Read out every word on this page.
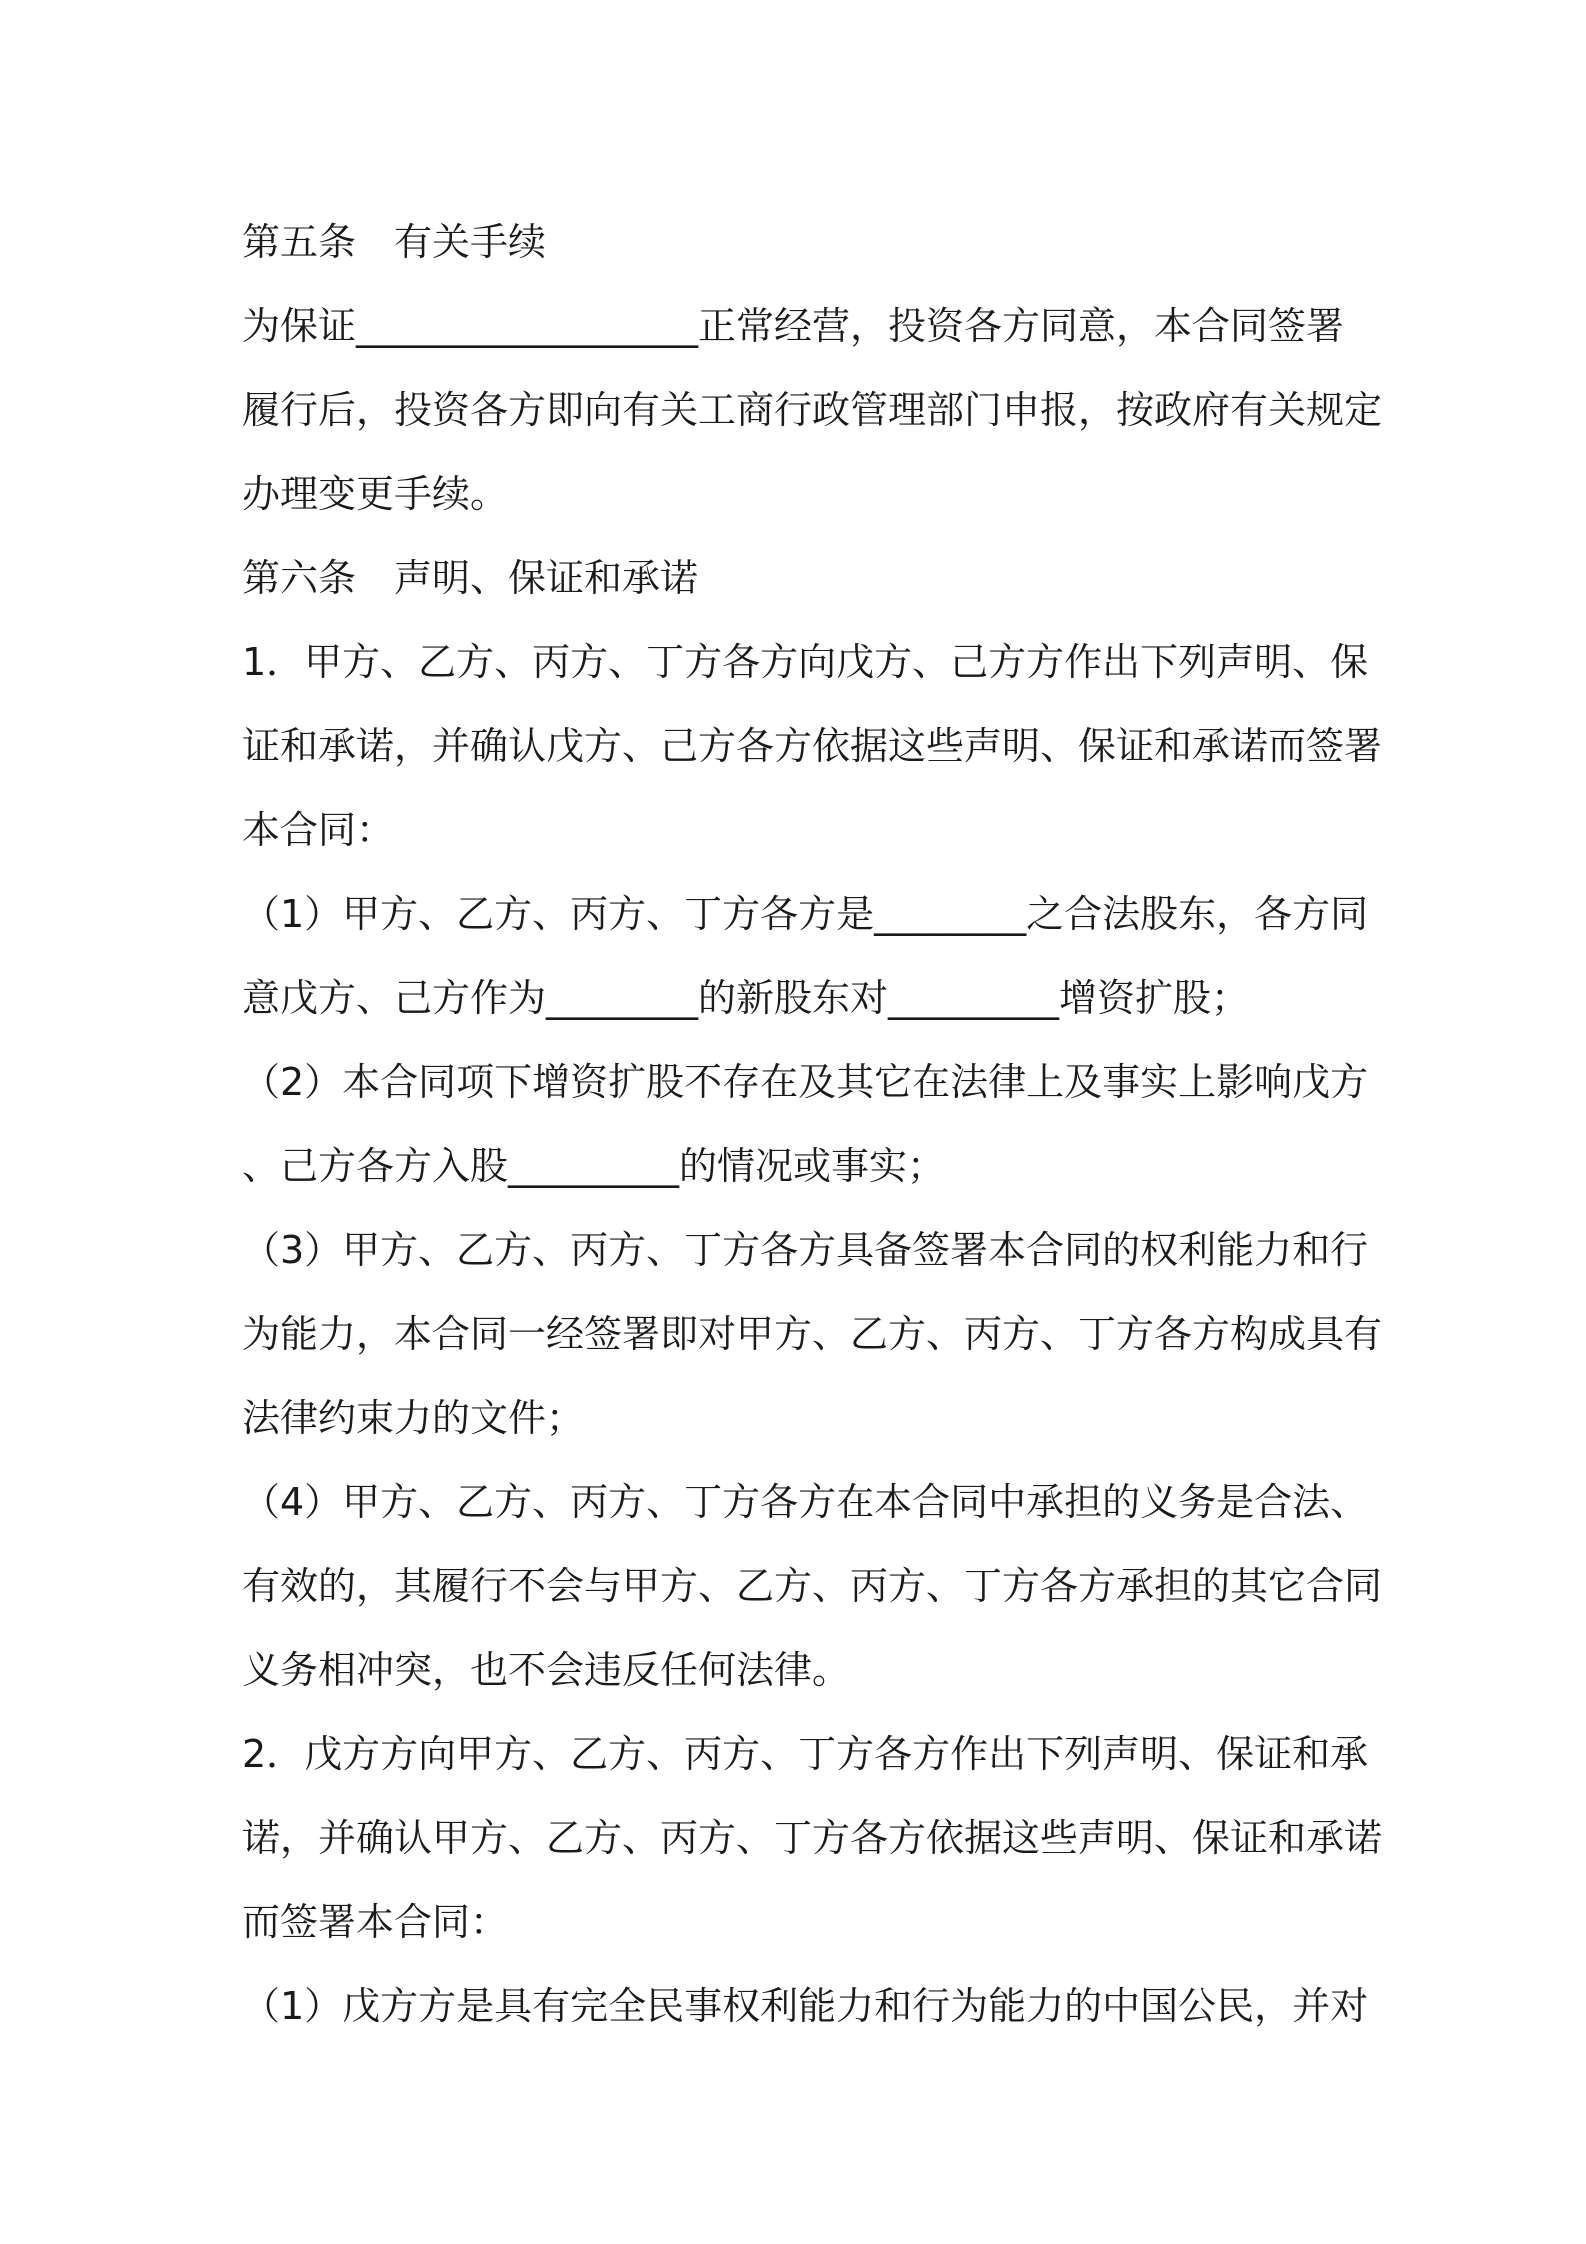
第五条　有关手续
为保证__________________正常经营，投资各方同意，本合同签署
履行后，投资各方即向有关工商行政管理部门申报，按政府有关规定
办理变更手续。
第六条　声明、保证和承诺
1．甲方、乙方、丙方、丁方各方向戊方、己方方作出下列声明、保
证和承诺，并确认戊方、己方各方依据这些声明、保证和承诺而签署
本合同：
（1）甲方、乙方、丙方、丁方各方是________之合法股东，各方同
意戊方、己方作为________的新股东对_________增资扩股；
（2）本合同项下增资扩股不存在及其它在法律上及事实上影响戊方
、己方各方入股_________的情况或事实；
（3）甲方、乙方、丙方、丁方各方具备签署本合同的权利能力和行
为能力，本合同一经签署即对甲方、乙方、丙方、丁方各方构成具有
法律约束力的文件；
（4）甲方、乙方、丙方、丁方各方在本合同中承担的义务是合法、
有效的，其履行不会与甲方、乙方、丙方、丁方各方承担的其它合同
义务相冲突，也不会违反任何法律。
2．戊方方向甲方、乙方、丙方、丁方各方作出下列声明、保证和承
诺，并确认甲方、乙方、丙方、丁方各方依据这些声明、保证和承诺
而签署本合同：
（1）戊方方是具有完全民事权利能力和行为能力的中国公民，并对
